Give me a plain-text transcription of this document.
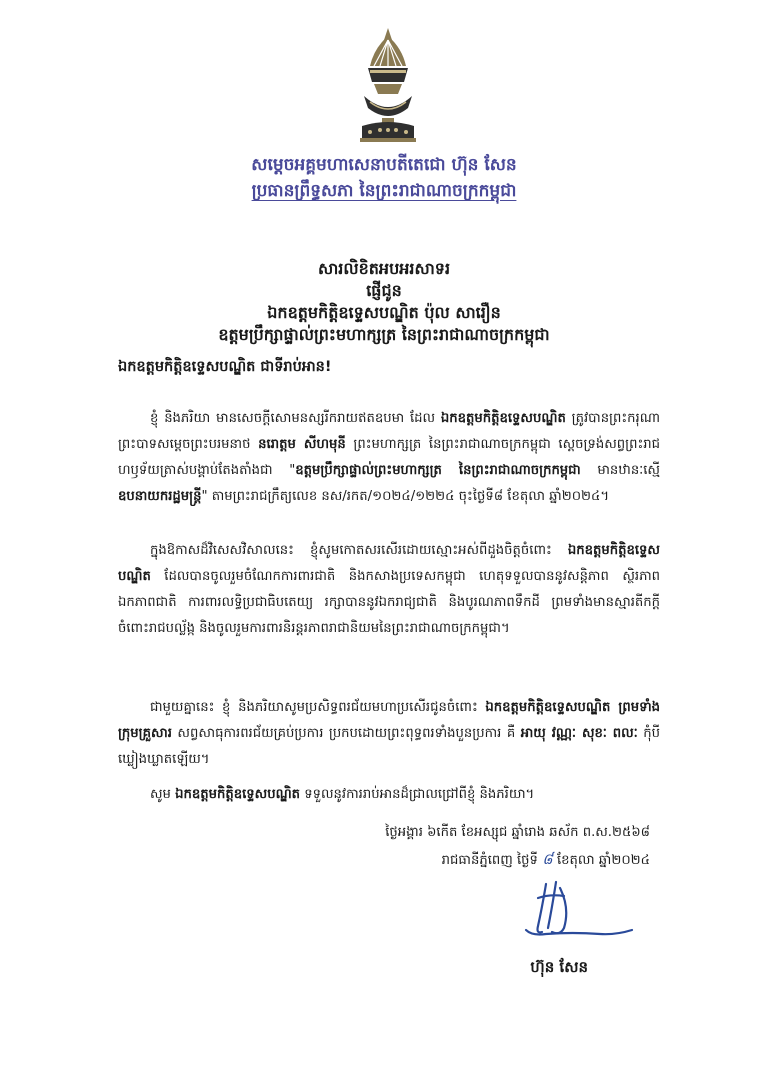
សម្តេចអគ្គមហាសេនាបតីតេជោ ហ៊ុន សែន
ប្រធានព្រឹទ្ធសភា នៃព្រះរាជាណាចក្រកម្ពុជា
សារលិខិតអបអរសាទរ
ផ្ញើជូន
ឯកឧត្តមកិត្តិឧទ្ទេសបណ្ឌិត ប៉ុល សារឿន
ឧត្តមប្រឹក្សាផ្ទាល់ព្រះមហាក្សត្រ នៃព្រះរាជាណាចក្រកម្ពុជា
ឯកឧត្តមកិត្តិឧទ្ទេសបណ្ឌិត ជាទីរាប់អាន!

ខ្ញុំ និងភរិយា មានសេចក្តីសោមនស្សរីករាយឥតឧបមា ដែល ឯកឧត្តមកិត្តិឧទ្ទេសបណ្ឌិត ត្រូវបានព្រះករុណា ព្រះបាទសម្តេចព្រះបរមនាថ នរោត្តម សីហមុនី ព្រះមហាក្សត្រ នៃព្រះរាជាណាចក្រកម្ពុជា ស្តេចទ្រង់សព្វព្រះរាជហឫទ័យត្រាស់បង្គាប់តែងតាំងជា "ឧត្តមប្រឹក្សាផ្ទាល់ព្រះមហាក្សត្រ នៃព្រះរាជាណាចក្រកម្ពុជា មានឋានៈស្មើ ឧបនាយករដ្ឋមន្ត្រី" តាមព្រះរាជក្រឹត្យលេខ នស/រកត/១០២៤/១២២៤ ចុះថ្ងៃទី៨ ខែតុលា ឆ្នាំ២០២៤។

ក្នុងឱកាសដ៏វិសេសវិសាលនេះ ខ្ញុំសូមកោតសរសើរដោយស្មោះអស់ពីដួងចិត្តចំពោះ ឯកឧត្តមកិត្តិឧទ្ទេសបណ្ឌិត ដែលបានចូលរួមចំណែកការពារជាតិ និងកសាងប្រទេសកម្ពុជា ហេតុទទួលបាននូវសន្តិភាព ស្ថិរភាព ឯកភាពជាតិ ការពារលទ្ធិប្រជាធិបតេយ្យ រក្សាបាននូវឯករាជ្យជាតិ និងបូរណភាពទឹកដី ព្រមទាំងមានស្មារតីកក្តីចំពោះរាជបល្ល័ង្ក និងចូលរួមការពារនិរន្តរភាពរាជានិយមនៃព្រះរាជាណាចក្រកម្ពុជា។

ជាមួយគ្នានេះ ខ្ញុំ និងភរិយាសូមប្រសិទ្ធពរជ័យមហាប្រសើរជូនចំពោះ ឯកឧត្តមកិត្តិឧទ្ទេសបណ្ឌិត ព្រមទាំងក្រុមគ្រួសារ សព្វសាធុការពរជ័យគ្រប់ប្រការ ប្រកបដោយព្រះពុទ្ធពរទាំងបួនប្រការ គឺ អាយុ វណ្ណៈ សុខៈ ពលៈ កុំបីឃ្លៀងឃ្លាតឡើយ។

សូម ឯកឧត្តមកិត្តិឧទ្ទេសបណ្ឌិត ទទួលនូវការរាប់អានដ៏ជ្រាលជ្រៅពីខ្ញុំ និងភរិយា។

ថ្ងៃអង្គារ ៦កើត ខែអស្សុជ ឆ្នាំរោង ឆស័ក ព.ស.២៥៦៨
រាជធានីភ្នំពេញ ថ្ងៃទី ៨ ខែតុលា ឆ្នាំ២០២៤
ហ៊ុន សែន
